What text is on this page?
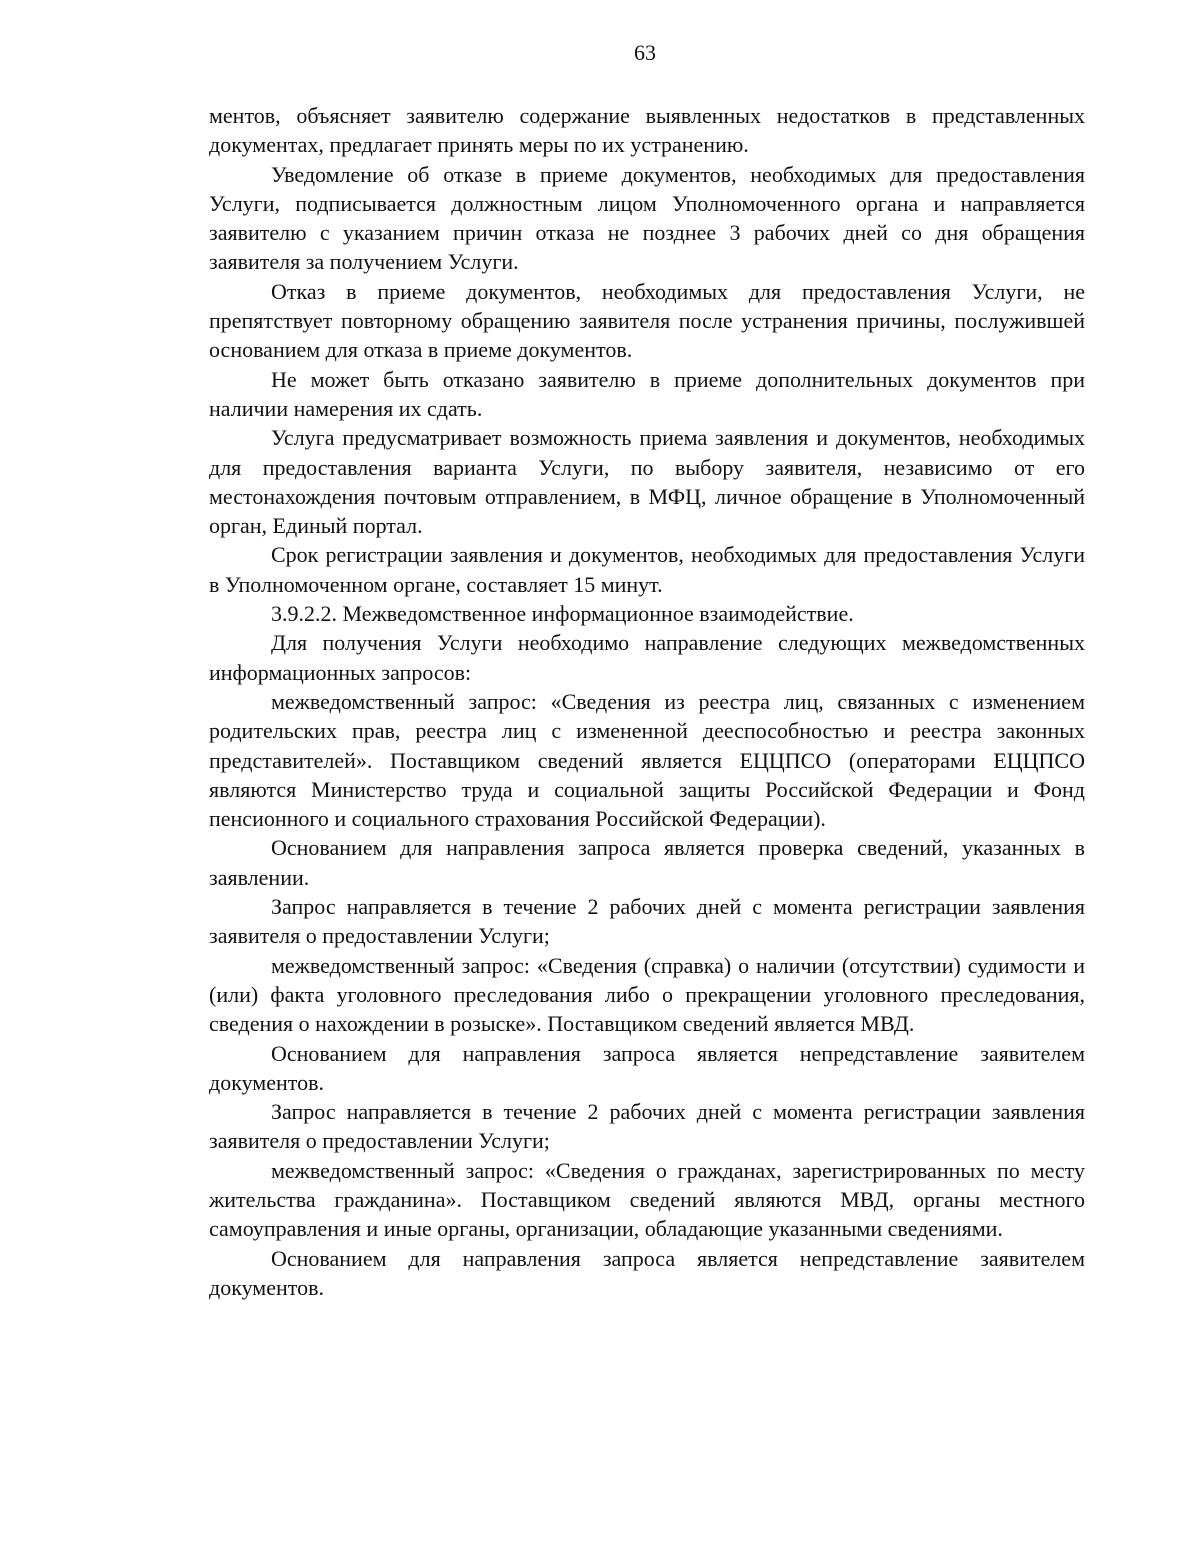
63

ментов, объясняет заявителю содержание выявленных недостатков в представленных документах, предлагает принять меры по их устранению.

Уведомление об отказе в приеме документов, необходимых для предоставления Услуги, подписывается должностным лицом Уполномоченного органа и направляется заявителю с указанием причин отказа не позднее 3 рабочих дней со дня обращения заявителя за получением Услуги.

Отказ в приеме документов, необходимых для предоставления Услуги, не препятствует повторному обращению заявителя после устранения причины, послужившей основанием для отказа в приеме документов.

Не может быть отказано заявителю в приеме дополнительных документов при наличии намерения их сдать.

Услуга предусматривает возможность приема заявления и документов, необходимых для предоставления варианта Услуги, по выбору заявителя, независимо от его местонахождения почтовым отправлением, в МФЦ, личное обращение в Уполномоченный орган, Единый портал.

Срок регистрации заявления и документов, необходимых для предоставления Услуги в Уполномоченном органе, составляет 15 минут.

3.9.2.2. Межведомственное информационное взаимодействие.

Для получения Услуги необходимо направление следующих межведомственных информационных запросов:

межведомственный запрос: «Сведения из реестра лиц, связанных с изменением родительских прав, реестра лиц с измененной дееспособностью и реестра законных представителей». Поставщиком сведений является ЕЦЦПСО (операторами ЕЦЦПСО являются Министерство труда и социальной защиты Российской Федерации и Фонд пенсионного и социального страхования Российской Федерации).

Основанием для направления запроса является проверка сведений, указанных в заявлении.

Запрос направляется в течение 2 рабочих дней с момента регистрации заявления заявителя о предоставлении Услуги;

межведомственный запрос: «Сведения (справка) о наличии (отсутствии) судимости и (или) факта уголовного преследования либо о прекращении уголовного преследования, сведения о нахождении в розыске». Поставщиком сведений является МВД.

Основанием для направления запроса является непредставление заявителем документов.

Запрос направляется в течение 2 рабочих дней с момента регистрации заявления заявителя о предоставлении Услуги;

межведомственный запрос: «Сведения о гражданах, зарегистрированных по месту жительства гражданина». Поставщиком сведений являются МВД, органы местного самоуправления и иные органы, организации, обладающие указанными сведениями.

Основанием для направления запроса является непредставление заявителем документов.
